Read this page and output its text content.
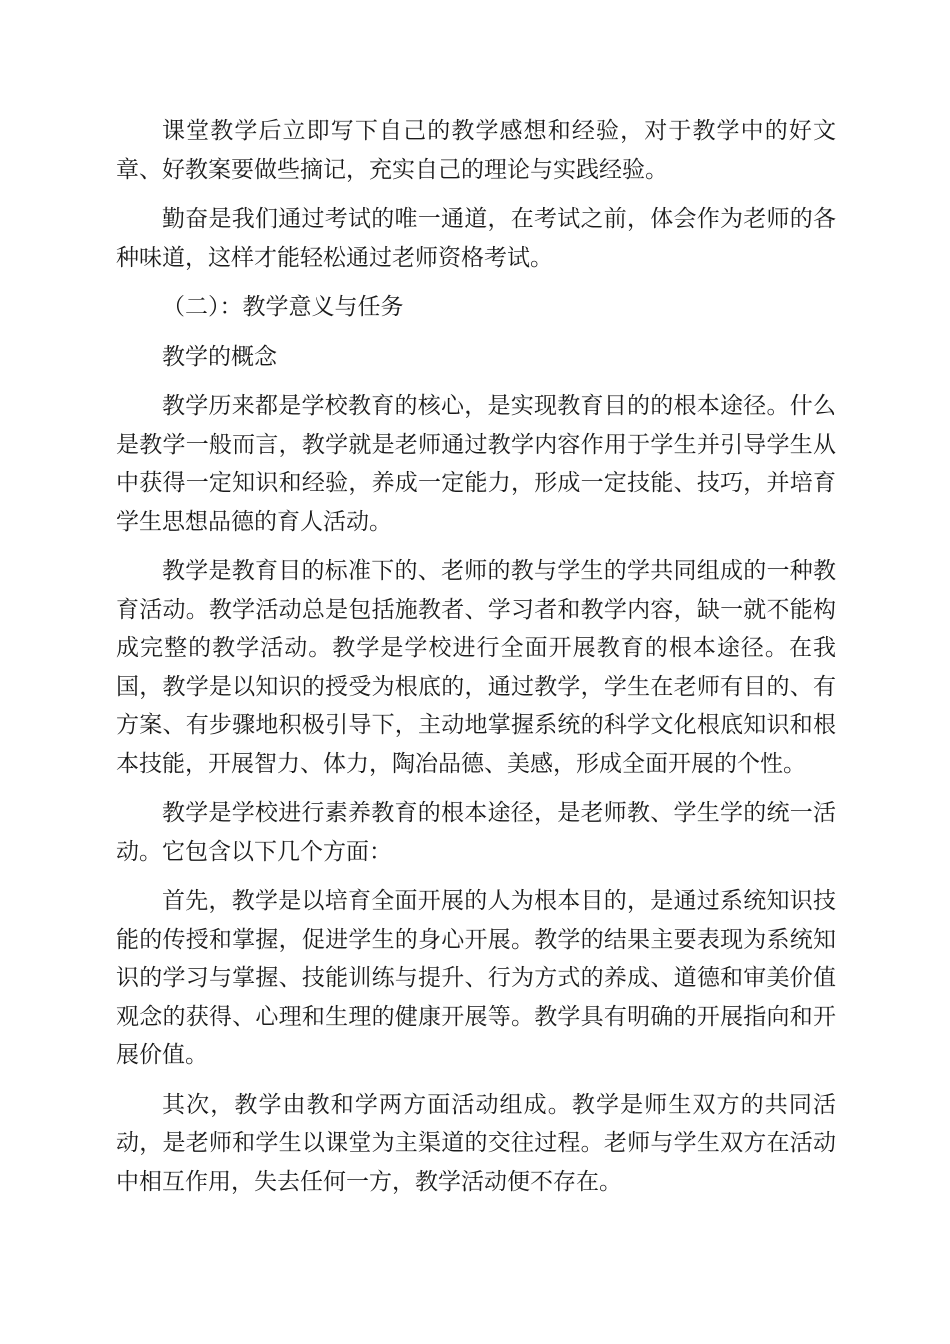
课堂教学后立即写下自己的教学感想和经验，对于教学中的好文章、好教案要做些摘记，充实自己的理论与实践经验。

勤奋是我们通过考试的唯一通道，在考试之前，体会作为老师的各种味道，这样才能轻松通过老师资格考试。

（二）：教学意义与任务

教学的概念

教学历来都是学校教育的核心，是实现教育目的的根本途径。什么是教学一般而言，教学就是老师通过教学内容作用于学生并引导学生从中获得一定知识和经验，养成一定能力，形成一定技能、技巧，并培育学生思想品德的育人活动。

教学是教育目的标准下的、老师的教与学生的学共同组成的一种教育活动。教学活动总是包括施教者、学习者和教学内容，缺一就不能构成完整的教学活动。教学是学校进行全面开展教育的根本途径。在我国，教学是以知识的授受为根底的，通过教学，学生在老师有目的、有方案、有步骤地积极引导下，主动地掌握系统的科学文化根底知识和根本技能，开展智力、体力，陶冶品德、美感，形成全面开展的个性。

教学是学校进行素养教育的根本途径，是老师教、学生学的统一活动。它包含以下几个方面：

首先，教学是以培育全面开展的人为根本目的，是通过系统知识技能的传授和掌握，促进学生的身心开展。教学的结果主要表现为系统知识的学习与掌握、技能训练与提升、行为方式的养成、道德和审美价值观念的获得、心理和生理的健康开展等。教学具有明确的开展指向和开展价值。

其次，教学由教和学两方面活动组成。教学是师生双方的共同活动，是老师和学生以课堂为主渠道的交往过程。老师与学生双方在活动中相互作用，失去任何一方，教学活动便不存在。
